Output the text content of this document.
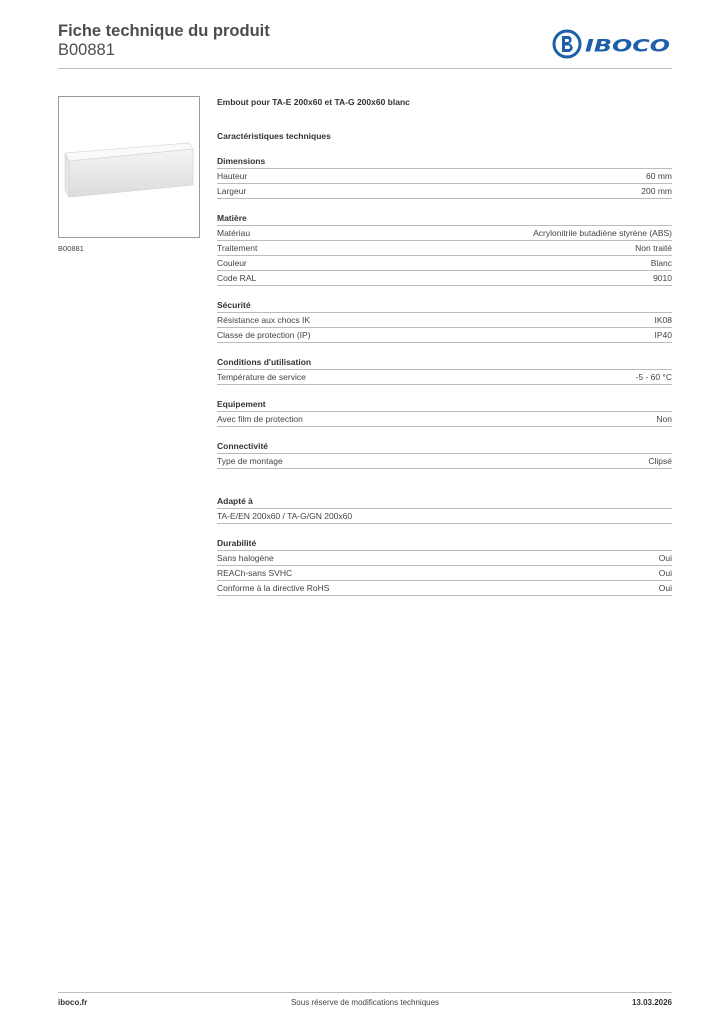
Fiche technique du produit
B00881	IBOCO
B00881
Embout pour TA-E 200x60 et TA-G 200x60 blanc
Caractéristiques techniques
Dimensions
Hauteur	60 mm
Largeur	200 mm
Matière
Matériau	Acrylonitrile butadiène styrène (ABS)
Traitement	Non traité
Couleur	Blanc
Code RAL	9010
Sécurité
Résistance aux chocs IK	IK08
Classe de protection (IP)	IP40
Conditions d'utilisation
Température de service	-5 - 60 °C
Equipement
Avec film de protection	Non
Connectivité
Type de montage	Clipsé
Adapté à
TA-E/EN 200x60 / TA-G/GN 200x60
Durabilité
Sans halogène	Oui
REACh-sans SVHC	Oui
Conforme à la directive RoHS	Oui
iboco.fr	Sous réserve de modifications techniques	13.03.2026
